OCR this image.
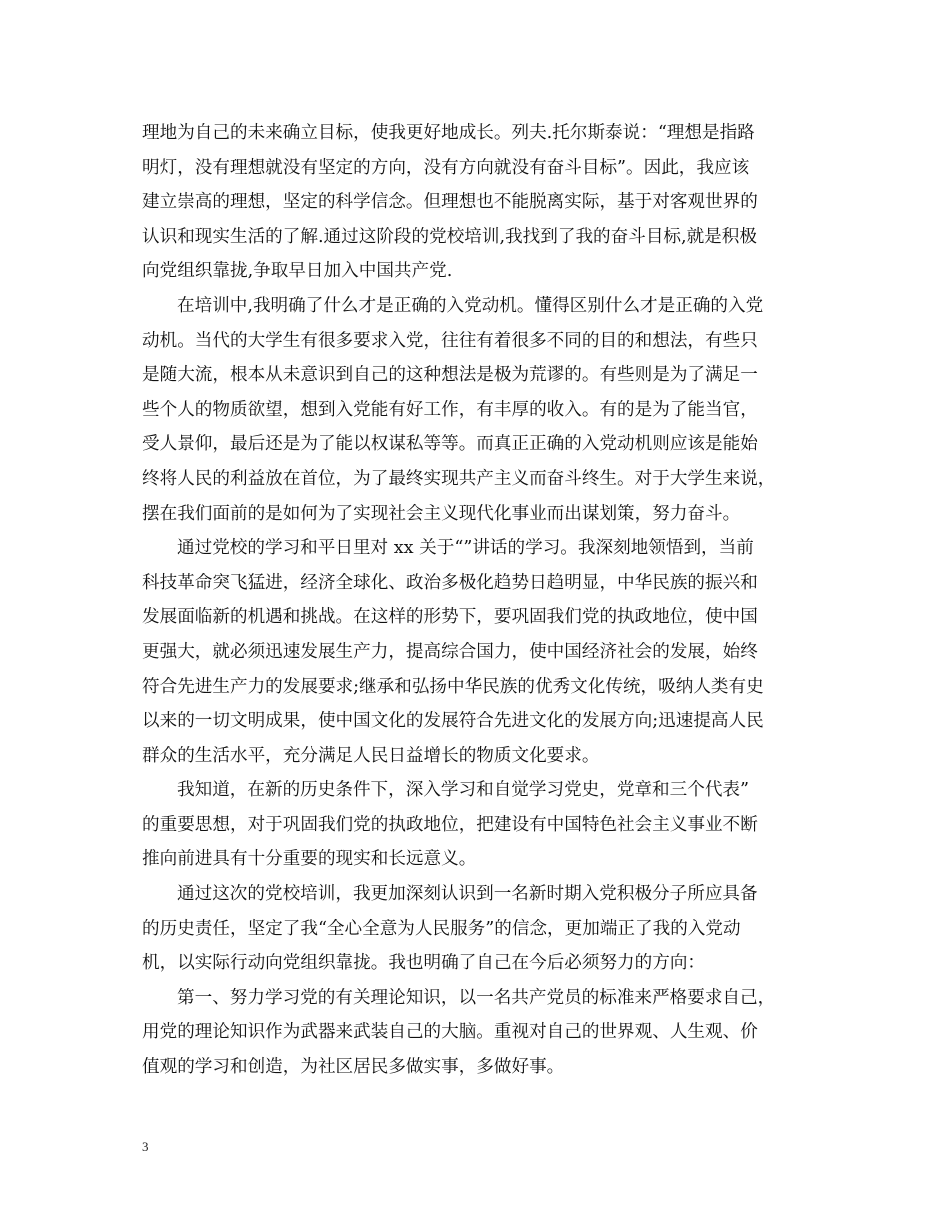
理地为自己的未来确立目标，使我更好地成长。列夫.托尔斯泰说：“理想是指路
明灯，没有理想就没有坚定的方向，没有方向就没有奋斗目标”。因此，我应该
建立崇高的理想，坚定的科学信念。但理想也不能脱离实际，基于对客观世界的
认识和现实生活的了解.通过这阶段的党校培训,我找到了我的奋斗目标,就是积极
向党组织靠拢,争取早日加入中国共产党.
在培训中,我明确了什么才是正确的入党动机。懂得区别什么才是正确的入党
动机。当代的大学生有很多要求入党，往往有着很多不同的目的和想法，有些只
是随大流，根本从未意识到自己的这种想法是极为荒谬的。有些则是为了满足一
些个人的物质欲望，想到入党能有好工作，有丰厚的收入。有的是为了能当官，
受人景仰，最后还是为了能以权谋私等等。而真正正确的入党动机则应该是能始
终将人民的利益放在首位，为了最终实现共产主义而奋斗终生。对于大学生来说，
摆在我们面前的是如何为了实现社会主义现代化事业而出谋划策，努力奋斗。
通过党校的学习和平日里对 xx 关于“”讲话的学习。我深刻地领悟到，当前
科技革命突飞猛进，经济全球化、政治多极化趋势日趋明显，中华民族的振兴和
发展面临新的机遇和挑战。在这样的形势下，要巩固我们党的执政地位，使中国
更强大，就必须迅速发展生产力，提高综合国力，使中国经济社会的发展，始终
符合先进生产力的发展要求;继承和弘扬中华民族的优秀文化传统，吸纳人类有史
以来的一切文明成果，使中国文化的发展符合先进文化的发展方向;迅速提高人民
群众的生活水平，充分满足人民日益增长的物质文化要求。
我知道，在新的历史条件下，深入学习和自觉学习党史，党章和三个代表”
的重要思想，对于巩固我们党的执政地位，把建设有中国特色社会主义事业不断
推向前进具有十分重要的现实和长远意义。
通过这次的党校培训，我更加深刻认识到一名新时期入党积极分子所应具备
的历史责任，坚定了我“全心全意为人民服务”的信念，更加端正了我的入党动
机，以实际行动向党组织靠拢。我也明确了自己在今后必须努力的方向：
第一、努力学习党的有关理论知识，以一名共产党员的标准来严格要求自己，
用党的理论知识作为武器来武装自己的大脑。重视对自己的世界观、人生观、价
值观的学习和创造，为社区居民多做实事，多做好事。
3
